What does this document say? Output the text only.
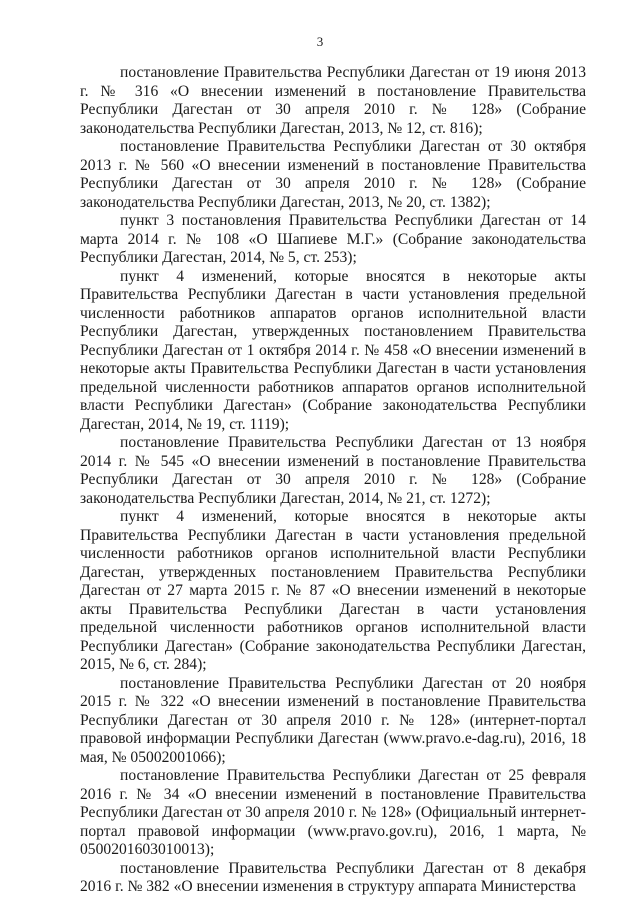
3

постановление Правительства Республики Дагестан от 19 июня 2013 г. № 316 «О внесении изменений в постановление Правительства Республики Дагестан от 30 апреля 2010 г. № 128» (Собрание законодательства Республики Дагестан, 2013, № 12, ст. 816);

постановление Правительства Республики Дагестан от 30 октября 2013 г. № 560 «О внесении изменений в постановление Правительства Республики Дагестан от 30 апреля 2010 г. № 128» (Собрание законодательства Республики Дагестан, 2013, № 20, ст. 1382);

пункт 3 постановления Правительства Республики Дагестан от 14 марта 2014 г. № 108 «О Шапиеве М.Г.» (Собрание законодательства Республики Дагестан, 2014, № 5, ст. 253);

пункт 4 изменений, которые вносятся в некоторые акты Правительства Республики Дагестан в части установления предельной численности работников аппаратов органов исполнительной власти Республики Дагестан, утвержденных постановлением Правительства Республики Дагестан от 1 октября 2014 г. № 458 «О внесении изменений в некоторые акты Правительства Республики Дагестан в части установления предельной численности работников аппаратов органов исполнительной власти Республики Дагестан» (Собрание законодательства Республики Дагестан, 2014, № 19, ст. 1119);

постановление Правительства Республики Дагестан от 13 ноября 2014 г. № 545 «О внесении изменений в постановление Правительства Республики Дагестан от 30 апреля 2010 г. № 128» (Собрание законодательства Республики Дагестан, 2014, № 21, ст. 1272);

пункт 4 изменений, которые вносятся в некоторые акты Правительства Республики Дагестан в части установления предельной численности работников органов исполнительной власти Республики Дагестан, утвержденных постановлением Правительства Республики Дагестан от 27 марта 2015 г. № 87 «О внесении изменений в некоторые акты Правительства Республики Дагестан в части установления предельной численности работников органов исполнительной власти Республики Дагестан» (Собрание законодательства Республики Дагестан, 2015, № 6, ст. 284);

постановление Правительства Республики Дагестан от 20 ноября 2015 г. № 322 «О внесении изменений в постановление Правительства Республики Дагестан от 30 апреля 2010 г. № 128» (интернет-портал правовой информации Республики Дагестан (www.pravo.e-dag.ru), 2016, 18 мая, № 05002001066);

постановление Правительства Республики Дагестан от 25 февраля 2016 г. № 34 «О внесении изменений в постановление Правительства Республики Дагестан от 30 апреля 2010 г. № 128» (Официальный интернет-портал правовой информации (www.pravo.gov.ru), 2016, 1 марта, № 0500201603010013);

постановление Правительства Республики Дагестан от 8 декабря 2016 г. № 382 «О внесении изменения в структуру аппарата Министерства
